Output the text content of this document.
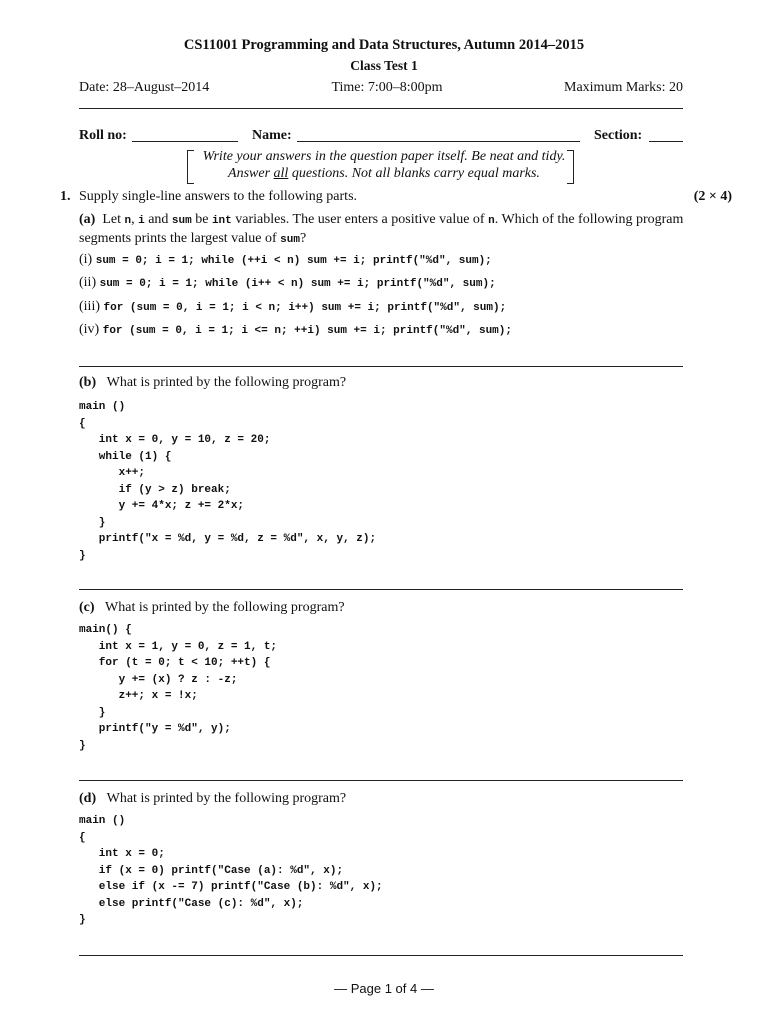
CS11001 Programming and Data Structures, Autumn 2014–2015
Class Test 1
Date: 28–August–2014	Time: 7:00–8:00pm	Maximum Marks: 20
Roll no:	Name:	Section:
Write your answers in the question paper itself. Be neat and tidy.
Answer all questions. Not all blanks carry equal marks.
1. Supply single-line answers to the following parts.	(2 × 4)
(a) Let n, i and sum be int variables. The user enters a positive value of n. Which of the following program segments prints the largest value of sum?
(i) sum = 0; i = 1; while (++i < n) sum += i; printf("%d", sum);
(ii) sum = 0; i = 1; while (i++ < n) sum += i; printf("%d", sum);
(iii) for (sum = 0, i = 1; i < n; i++) sum += i; printf("%d", sum);
(iv) for (sum = 0, i = 1; i <= n; ++i) sum += i; printf("%d", sum);
(b) What is printed by the following program?
main ()
{
int x = 0, y = 10, z = 20;
while (1) {
x++;
if (y > z) break;
y += 4*x; z += 2*x;
}
printf("x = %d, y = %d, z = %d", x, y, z);
}
(c) What is printed by the following program?
main() {
int x = 1, y = 0, z = 1, t;
for (t = 0; t < 10; ++t) {
y += (x) ? z : -z;
z++; x = !x;
}
printf("y = %d", y);
}
(d) What is printed by the following program?
main ()
{
int x = 0;
if (x = 0) printf("Case (a): %d", x);
else if (x -= 7) printf("Case (b): %d", x);
else printf("Case (c): %d", x);
}
— Page 1 of 4 —
